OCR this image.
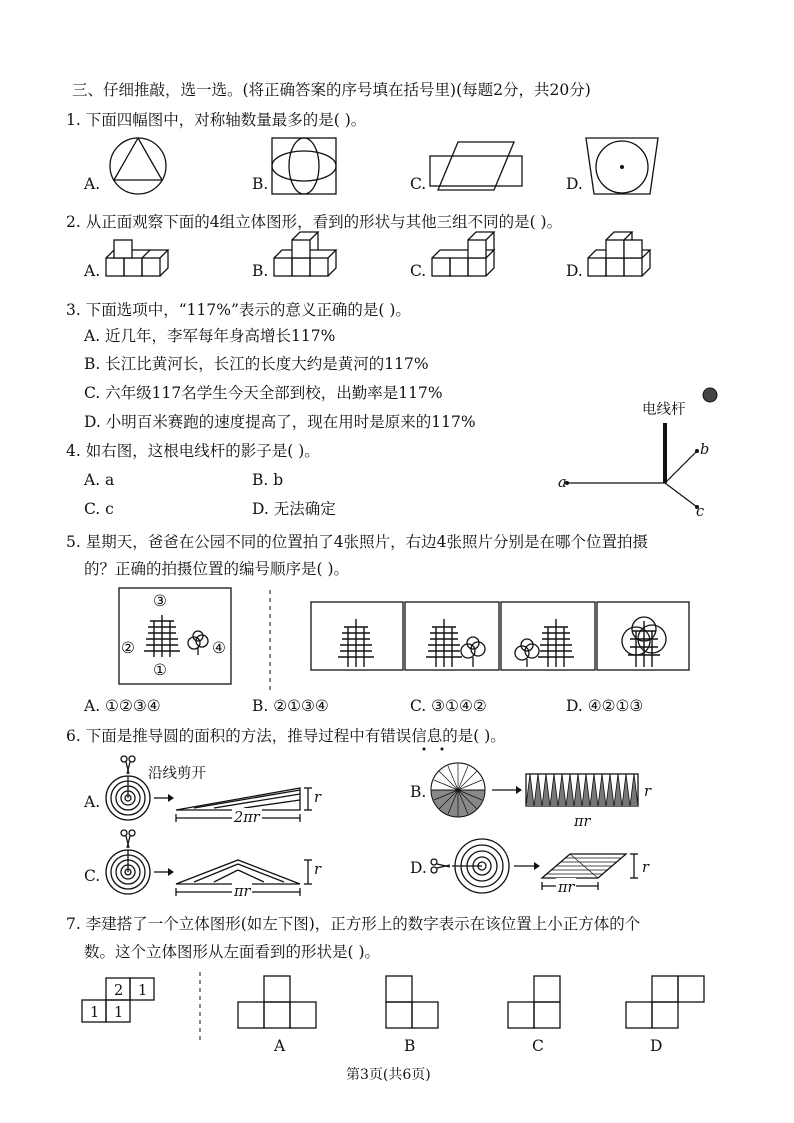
三、仔细推敲，选一选。(将正确答案的序号填在括号里)(每题2分，共20分)
1. 下面四幅图中，对称轴数量最多的是( )。
A.	B.	C.	D.
2. 从正面观察下面的4组立体图形，看到的形状与其他三组不同的是( )。
A.	B.	C.	D.
3. 下面选项中，“117%”表示的意义正确的是( )。
A. 近几年，李军每年身高增长117%
B. 长江比黄河长，长江的长度大约是黄河的117%
C. 六年级117名学生今天全部到校，出勤率是117%
D. 小明百米赛跑的速度提高了，现在用时是原来的117%
4. 如右图，这根电线杆的影子是( )。
A. a	B. b
C. c	D. 无法确定
电线杆
a
b
c
5. 星期天，爸爸在公园不同的位置拍了4张照片，右边4张照片分别是在哪个位置拍摄
的？正确的拍摄位置的编号顺序是( )。
③
②
①
④
A. ①②③④	B. ②①③④	C. ③①④②	D. ④②①③
6. 下面是推导圆的面积的方法，推导过程中有错误信息的是( )。
A.
沿线剪开
r
2πr
B.	r
πr
C.	r
πr
D.	r
πr
7. 李建搭了一个立体图形(如左下图)，正方形上的数字表示在该位置上小正方体的个
数。这个立体图形从左面看到的形状是( )。
2 1
1 1
A	B	C	D
第3页(共6页)
